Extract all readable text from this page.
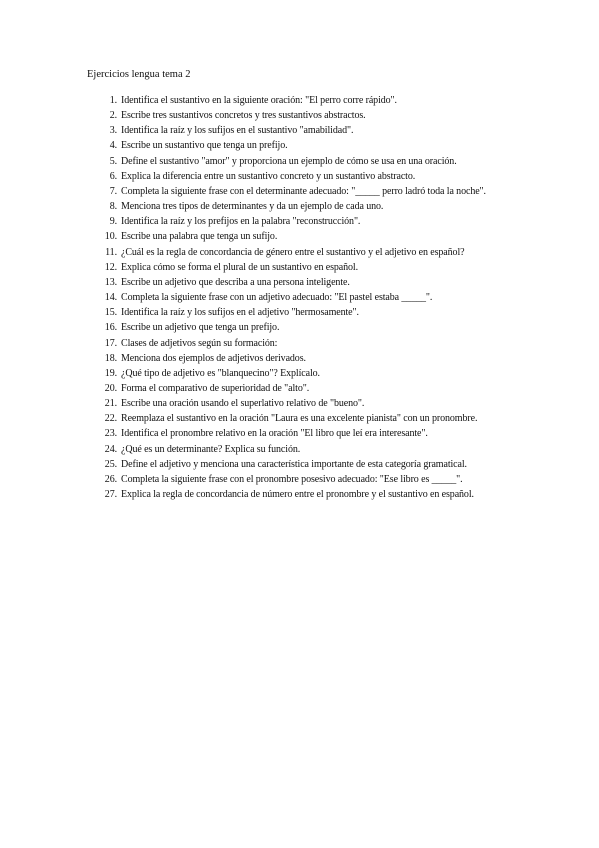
Ejercicios lengua tema 2
1. Identifica el sustantivo en la siguiente oración: "El perro corre rápido".
2. Escribe tres sustantivos concretos y tres sustantivos abstractos.
3. Identifica la raíz y los sufijos en el sustantivo "amabilidad".
4. Escribe un sustantivo que tenga un prefijo.
5. Define el sustantivo "amor" y proporciona un ejemplo de cómo se usa en una oración.
6. Explica la diferencia entre un sustantivo concreto y un sustantivo abstracto.
7. Completa la siguiente frase con el determinante adecuado: "_____ perro ladró toda la noche".
8. Menciona tres tipos de determinantes y da un ejemplo de cada uno.
9. Identifica la raíz y los prefijos en la palabra "reconstrucción".
10. Escribe una palabra que tenga un sufijo.
11. ¿Cuál es la regla de concordancia de género entre el sustantivo y el adjetivo en español?
12. Explica cómo se forma el plural de un sustantivo en español.
13. Escribe un adjetivo que describa a una persona inteligente.
14. Completa la siguiente frase con un adjetivo adecuado: "El pastel estaba _____".
15. Identifica la raíz y los sufijos en el adjetivo "hermosamente".
16. Escribe un adjetivo que tenga un prefijo.
17. Clases de adjetivos según su formación:
18. Menciona dos ejemplos de adjetivos derivados.
19. ¿Qué tipo de adjetivo es "blanquecino"? Explícalo.
20. Forma el comparativo de superioridad de "alto".
21. Escribe una oración usando el superlativo relativo de "bueno".
22. Reemplaza el sustantivo en la oración "Laura es una excelente pianista" con un pronombre.
23. Identifica el pronombre relativo en la oración "El libro que leí era interesante".
24. ¿Qué es un determinante? Explica su función.
25. Define el adjetivo y menciona una característica importante de esta categoría gramatical.
26. Completa la siguiente frase con el pronombre posesivo adecuado: "Ese libro es _____".
27. Explica la regla de concordancia de número entre el pronombre y el sustantivo en español.
